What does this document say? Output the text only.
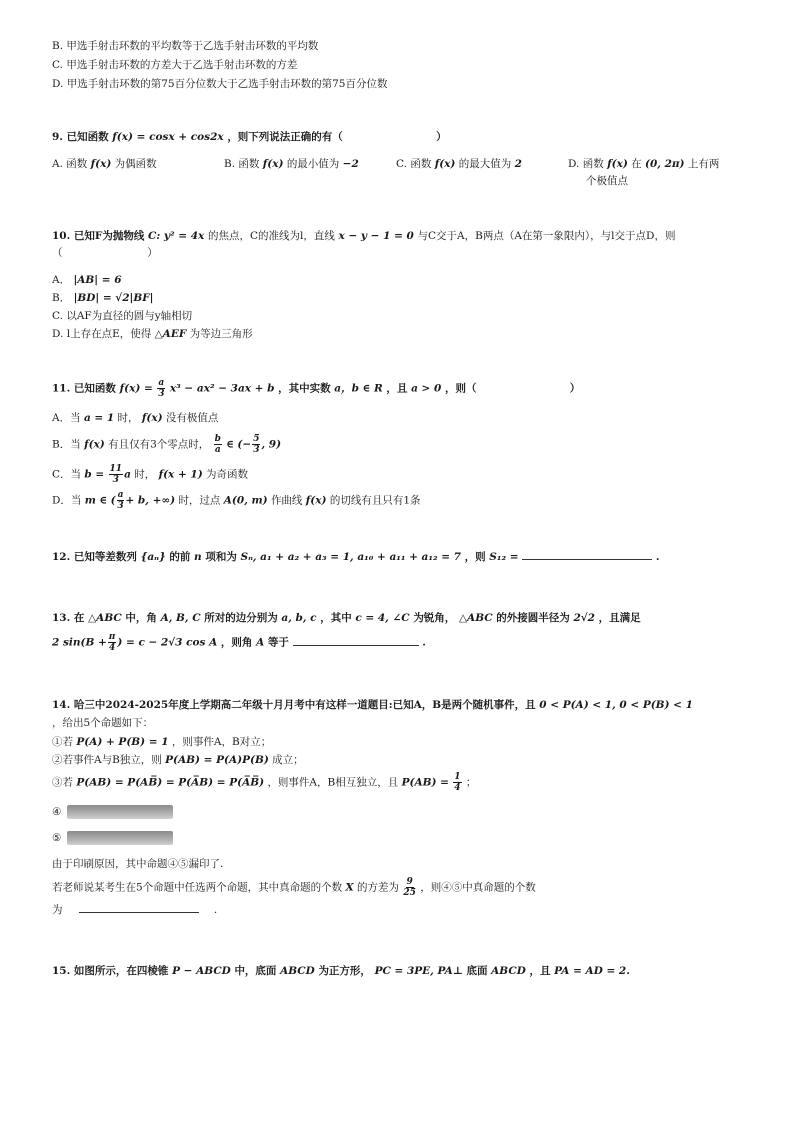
B. 甲选手射击环数的平均数等于乙选手射击环数的平均数
C. 甲选手射击环数的方差大于乙选手射击环数的方差
D. 甲选手射击环数的第75百分位数大于乙选手射击环数的第75百分位数
9. 已知函数 f(x) = cosx + cos2x ，则下列说法正确的有（	）
A. 函数 f(x) 为偶函数	B. 函数 f(x) 的最小值为 −2	C. 函数 f(x) 的最大值为 2	D. 函数 f(x) 在 (0, 2π) 上有两
个极值点
10. 已知F为抛物线 C: y² = 4x 的焦点，C的准线为l，直线 x − y − 1 = 0 与C交于A，B两点（A在第一象限内），与l交于点D，则
（	）
A． |AB| = 6
B． |BD| = √2|BF|
C. 以AF为直径的圆与y轴相切
D. l上存在点E，使得 △AEF 为等边三角形
11. 已知函数 $f(x) = \frac{a}{3} x^3 - ax^2 - 3ax + b$ ，其中实数 a，b ∈ R ，且 a > 0 ，则（	）
A．当 a = 1 时， f(x) 没有极值点
B．当 f(x) 有且仅有3个零点时， $\frac{b}{a}$ ∈ (− $\frac{5}{3}$ , 9)
C．当 $b = \frac{11}{3}$ a 时， f(x + 1) 为奇函数
D．当 m ∈ ( $\frac{a}{3} + b$, +∞) 时，过点 A(0, m) 作曲线 f(x) 的切线有且只有1条
12. 已知等差数列 {aₙ} 的前 n 项和为 Sₙ, a₁ + a₂ + a₃ = 1, a₁₀ + a₁₁ + a₁₂ = 7 ，则 S₁₂ =	.
13. 在 △ABC 中，角 A, B, C 所对的边分别为 a, b, c ，其中 c = 4, ∠C 为锐角， △ABC 的外接圆半径为 2√2 ，且满足
2 $\sin(B + \frac{\pi}{4}$ ) = c − 2√3 cos A ，则角 A 等于	.
14. 哈三中2024-2025年度上学期高二年级十月月考中有这样一道题目:已知A，B是两个随机事件，且 0 < P(A) < 1, 0 < P(B) < 1
，给出5个命题如下：
①若 P(A) + P(B) = 1 ，则事件A，B对立；
②若事件A与B独立，则 P(AB) = P(A)P(B) 成立；
③若 P(AB) = P(AB̅) = P(A̅B) = P(A̅B̅) ，则事件A，B相互独立，且 $P(AB) = \frac{1}{4}$ ；
④
⑤
由于印刷原因，其中命题④⑤漏印了.
若老师说某考生在5个命题中任选两个命题，其中真命题的个数 X 的方差为 $\frac{9}{25}$ ，则④⑤中真命题的个数
为	.
15. 如图所示，在四棱锥 P − ABCD 中，底面 ABCD 为正方形， PC = 3PE, PA⊥ 底面 ABCD ，且 PA = AD = 2.
